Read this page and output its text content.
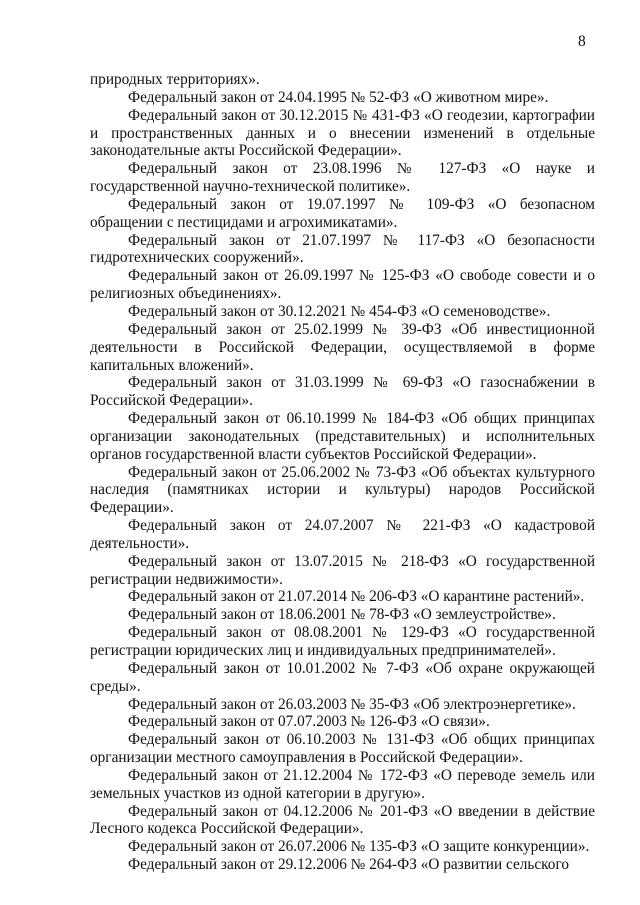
8

природных территориях».

Федеральный закон от 24.04.1995 № 52-ФЗ «О животном мире».

Федеральный закон от 30.12.2015 № 431-ФЗ «О геодезии, картографии и пространственных данных и о внесении изменений в отдельные законодательные акты Российской Федерации».

Федеральный закон от 23.08.1996 № 127-ФЗ «О науке и государственной научно-технической политике».

Федеральный закон от 19.07.1997 № 109-ФЗ «О безопасном обращении с пестицидами и агрохимикатами».

Федеральный закон от 21.07.1997 № 117-ФЗ «О безопасности гидротехнических сооружений».

Федеральный закон от 26.09.1997 № 125-ФЗ «О свободе совести и о религиозных объединениях».

Федеральный закон от 30.12.2021 № 454-ФЗ «О семеноводстве».

Федеральный закон от 25.02.1999 № 39-ФЗ «Об инвестиционной деятельности в Российской Федерации, осуществляемой в форме капитальных вложений».

Федеральный закон от 31.03.1999 № 69-ФЗ «О газоснабжении в Российской Федерации».

Федеральный закон от 06.10.1999 № 184-ФЗ «Об общих принципах организации законодательных (представительных) и исполнительных органов государственной власти субъектов Российской Федерации».

Федеральный закон от 25.06.2002 № 73-ФЗ «Об объектах культурного наследия (памятниках истории и культуры) народов Российской Федерации».

Федеральный закон от 24.07.2007 № 221-ФЗ «О кадастровой деятельности».

Федеральный закон от 13.07.2015 № 218-ФЗ «О государственной регистрации недвижимости».

Федеральный закон от 21.07.2014 № 206-ФЗ «О карантине растений».

Федеральный закон от 18.06.2001 № 78-ФЗ «О землеустройстве».

Федеральный закон от 08.08.2001 № 129-ФЗ «О государственной регистрации юридических лиц и индивидуальных предпринимателей».

Федеральный закон от 10.01.2002 № 7-ФЗ «Об охране окружающей среды».

Федеральный закон от 26.03.2003 № 35-ФЗ «Об электроэнергетике».

Федеральный закон от 07.07.2003 № 126-ФЗ «О связи».

Федеральный закон от 06.10.2003 № 131-ФЗ «Об общих принципах организации местного самоуправления в Российской Федерации».

Федеральный закон от 21.12.2004 № 172-ФЗ «О переводе земель или земельных участков из одной категории в другую».

Федеральный закон от 04.12.2006 № 201-ФЗ «О введении в действие Лесного кодекса Российской Федерации».

Федеральный закон от 26.07.2006 № 135-ФЗ «О защите конкуренции».

Федеральный закон от 29.12.2006 № 264-ФЗ «О развитии сельского
